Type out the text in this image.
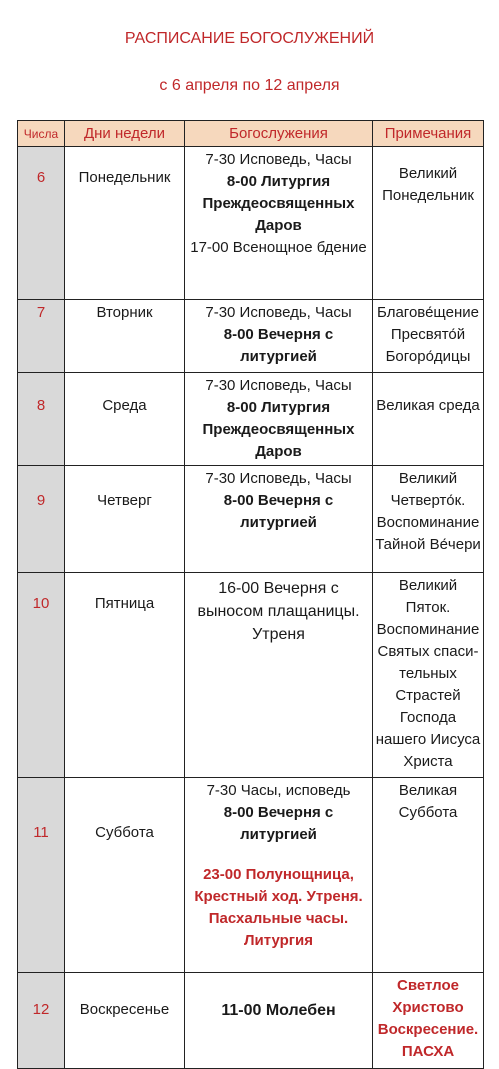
РАСПИСАНИЕ БОГОСЛУЖЕНИЙ
с 6 апреля по 12 апреля
Числа	Дни недели	Богослужения	Примечания
6	Понедельник	7-30 Исповедь, Часы
8-00 Литургия Преждеосвященных Даров
17-00 Всенощное бдение	Великий Понедельник

7	Вторник	7-30 Исповедь, Часы
8-00 Вечерня с литургией	Благове́щение Пресвято́й Богоро́дицы

8	Среда	7-30 Исповедь, Часы
8-00 Литургия Преждеосвященных Даров	Великая среда

9	Четверг	7-30 Исповедь, Часы
8-00 Вечерня с литургией	Великий Четверто́к.
Воспоминание Тайной Ве́чери

10	Пятница	16-00 Вечерня с выносом плащаницы. Утреня	Великий Пяток.
Воспоминание Святых спаси-
тельных
Страстей Господа нашего Иисуса Христа

11	Суббота	7-30 Часы, исповедь
8-00 Вечерня с литургией
23-00 Полунощница, Крестный ход. Утреня. Пасхальные часы. Литургия	Великая Суббота

12	Воскресенье	11-00 Молебен	Светлое Христово Воскресение. ПАСХА
